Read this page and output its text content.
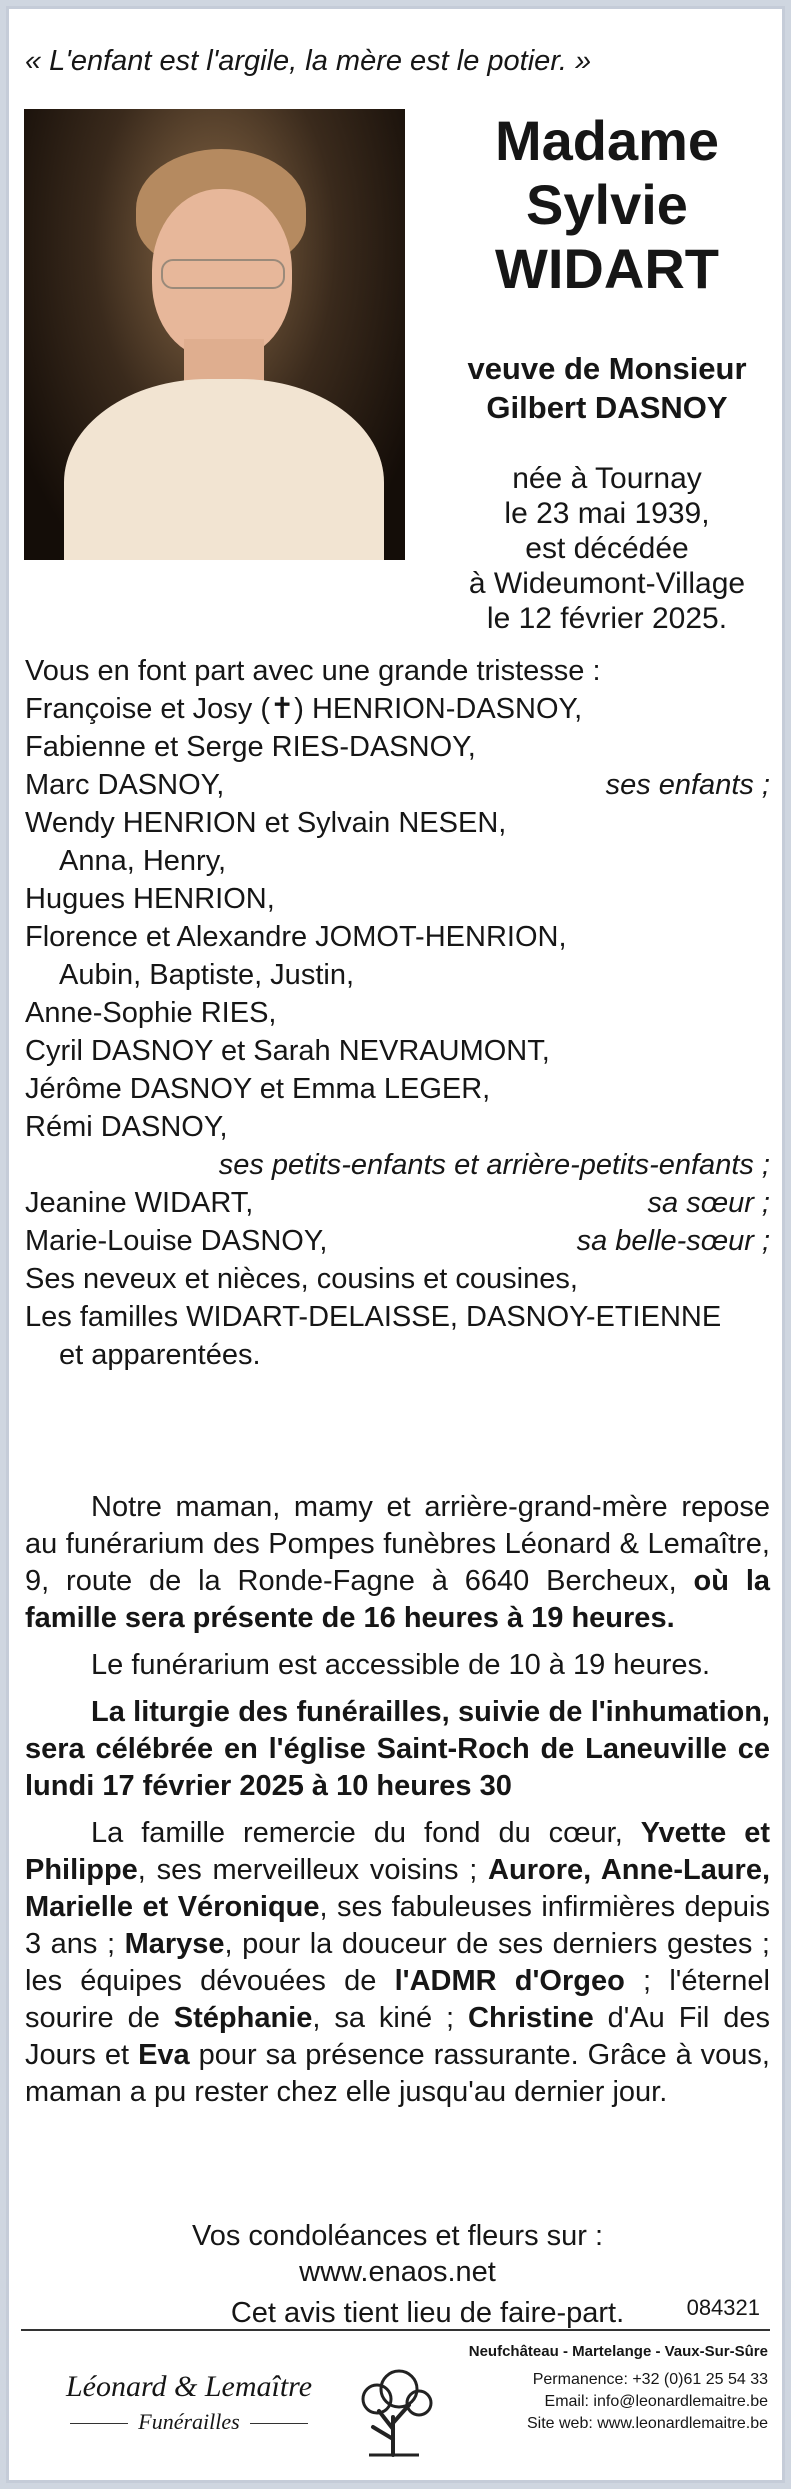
« L'enfant est l'argile, la mère est le potier. »
Madame
Sylvie
WIDART
veuve de Monsieur
Gilbert DASNOY
née à Tournay
le 23 mai 1939,
est décédée
à Wideumont-Village
le 12 février 2025.
Vous en font part avec une grande tristesse :
Françoise et Josy (✝) HENRION-DASNOY,
Fabienne et Serge RIES-DASNOY,
Marc DASNOY,	ses enfants ;
Wendy HENRION et Sylvain NESEN,
Anna, Henry,
Hugues HENRION,
Florence et Alexandre JOMOT-HENRION,
Aubin, Baptiste, Justin,
Anne-Sophie RIES,
Cyril DASNOY et Sarah NEVRAUMONT,
Jérôme DASNOY et Emma LEGER,
Rémi DASNOY,
ses petits-enfants et arrière-petits-enfants ;
Jeanine WIDART,	sa sœur ;
Marie-Louise DASNOY,	sa belle-sœur ;
Ses neveux et nièces, cousins et cousines,
Les familles WIDART-DELAISSE, DASNOY-ETIENNE
et apparentées.

Notre maman, mamy et arrière-grand-mère repose au funérarium des Pompes funèbres Léonard & Lemaître, 9, route de la Ronde-Fagne à 6640 Bercheux, où la famille sera présente de 16 heures à 19 heures.

Le funérarium est accessible de 10 à 19 heures.

La liturgie des funérailles, suivie de l'inhumation, sera célébrée en l'église Saint-Roch de Laneuville ce lundi 17 février 2025 à 10 heures 30

La famille remercie du fond du cœur, Yvette et Philippe, ses merveilleux voisins ; Aurore, Anne-Laure, Marielle et Véronique, ses fabuleuses infirmières depuis 3 ans ; Maryse, pour la douceur de ses derniers gestes ; les équipes dévouées de l'ADMR d'Orgeo ; l'éternel sourire de Stéphanie, sa kiné ; Christine d'Au Fil des Jours et Eva pour sa présence rassurante. Grâce à vous, maman a pu rester chez elle jusqu'au dernier jour.

Vos condoléances et fleurs sur :
www.enaos.net
Cet avis tient lieu de faire-part.	084321
Léonard & Lemaître
Funérailles
Neufchâteau - Martelange - Vaux-Sur-Sûre
Permanence: +32 (0)61 25 54 33
Email: info@leonardlemaitre.be
Site web: www.leonardlemaitre.be
